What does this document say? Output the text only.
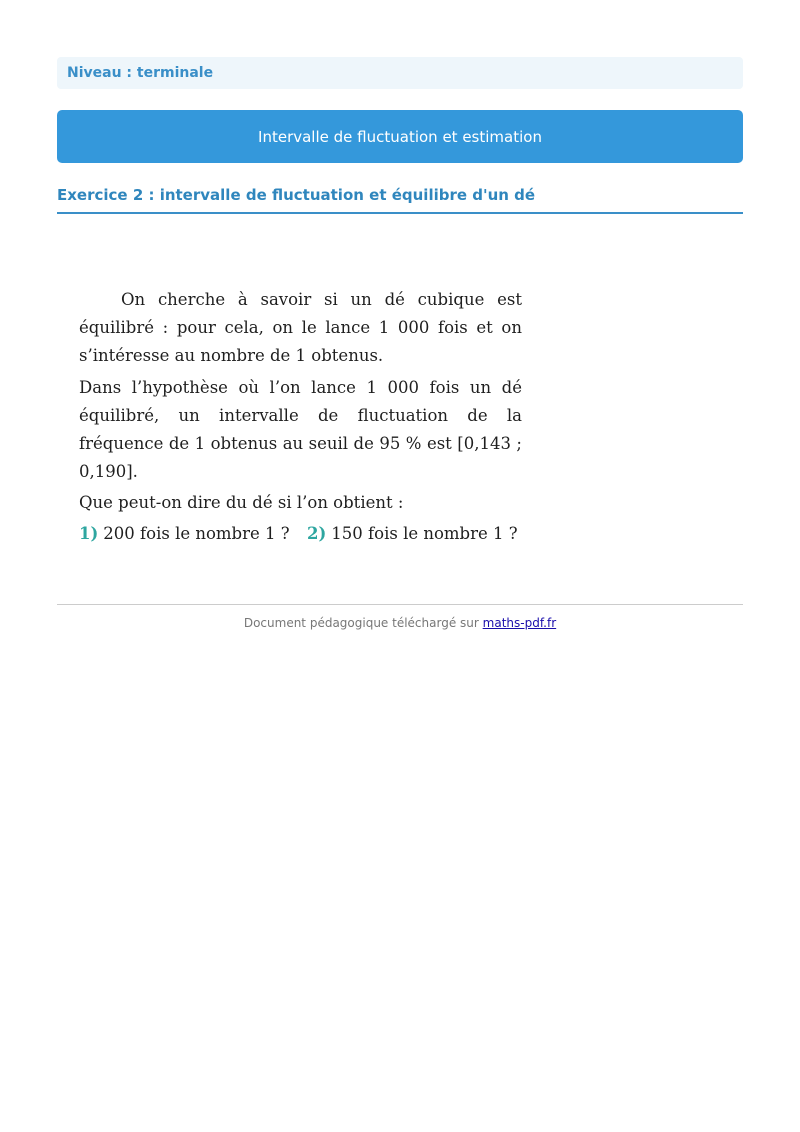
Niveau : terminale
Intervalle de fluctuation et estimation
Exercice 2 : intervalle de fluctuation et équilibre d'un dé

On cherche à savoir si un dé cubique est équilibré : pour cela, on le lance 1 000 fois et on s’intéresse au nombre de 1 obtenus.

Dans l’hypothèse où l’on lance 1 000 fois un dé équilibré, un intervalle de fluctuation de la fréquence de 1 obtenus au seuil de 95 % est [0,143 ; 0,190].

Que peut-on dire du dé si l’on obtient :

1) 200 fois le nombre 1 ?	2) 150 fois le nombre 1 ?
Document pédagogique téléchargé sur maths-pdf.fr
